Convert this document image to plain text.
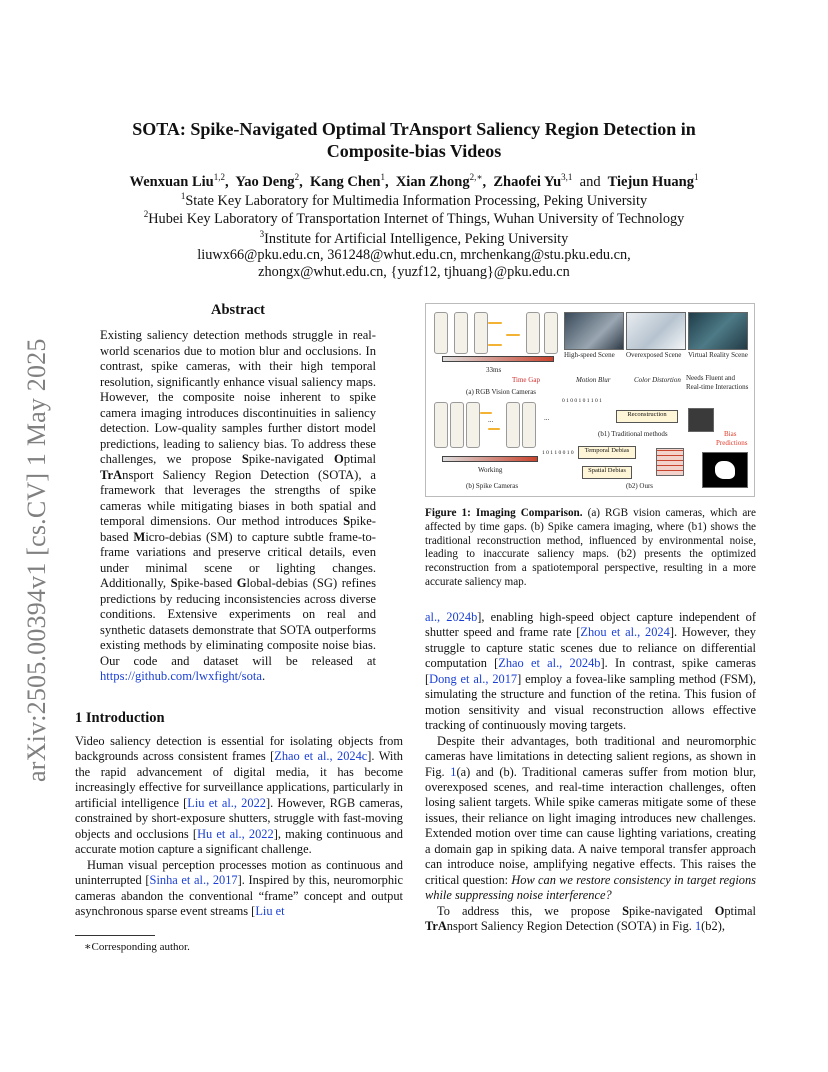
arXiv:2505.00394v1 [cs.CV] 1 May 2025
SOTA: Spike-Navigated Optimal TrAnsport Saliency Region Detection in
Composite-bias Videos
Wenxuan Liu$^{1,2}$,  Yao Deng$^2$,  Kang Chen$^1$,  Xian Zhong$^{2,∗}$,  Zhaofei Yu$^{3,1}$ and Tiejun Huang$^1$
$^1$State Key Laboratory for Multimedia Information Processing, Peking University
$^2$Hubei Key Laboratory of Transportation Internet of Things, Wuhan University of Technology
$^3$Institute for Artificial Intelligence, Peking University
liuwx66@pku.edu.cn, 361248@whut.edu.cn, mrchenkang@stu.pku.edu.cn,
zhongx@whut.edu.cn, {yuzf12, tjhuang}@pku.edu.cn
Abstract
Existing saliency detection methods struggle in real-world scenarios due to motion blur and occlusions. In contrast, spike cameras, with their high temporal resolution, significantly enhance visual saliency maps. However, the composite noise inherent to spike camera imaging introduces discontinuities in saliency detection. Low-quality samples further distort model predictions, leading to saliency bias. To address these challenges, we propose Spike-navigated Optimal TrAnsport Saliency Region Detection (SOTA), a framework that leverages the strengths of spike cameras while mitigating biases in both spatial and temporal dimensions. Our method introduces Spike-based Micro-debias (SM) to capture subtle frame-to-frame variations and preserve critical details, even under minimal scene or lighting changes. Additionally, Spike-based Global-debias (SG) refines predictions by reducing inconsistencies across diverse conditions. Extensive experiments on real and synthetic datasets demonstrate that SOTA outperforms existing methods by eliminating composite noise bias. Our code and dataset will be released at https://github.com/lwxfight/sota.
1 Introduction

Video saliency detection is essential for isolating objects from backgrounds across consistent frames [Zhao et al., 2024c]. With the rapid advancement of digital media, it has become increasingly effective for surveillance applications, particularly in artificial intelligence [Liu et al., 2022]. However, RGB cameras, constrained by short-exposure shutters, struggle with fast-moving objects and occlusions [Hu et al., 2022], making continuous and accurate motion capture a significant challenge.

Human visual perception processes motion as continuous and uninterrupted [Sinha et al., 2017]. Inspired by this, neuromorphic cameras abandon the conventional “frame” concept and output asynchronous sparse event streams [Liu et

∗Corresponding author.
33ms
Time Gap
(a) RGB Vision Cameras
High-speed Scene Overexposed Scene Virtual Reality Scene
Motion Blur	Color Distortion Needs Fluent and
Real-time Interactions
...
Working
(b) Spike Cameras
...
0 1 0 0 1 0 1 1 0 1
Reconstruction
(b1) Traditional methods
1 0 1 1 0 0 1 0	Temporal Debias
Spatial Debias
(b2) Ours
Bias
Predictions
Figure 1: Imaging Comparison. (a) RGB vision cameras, which are affected by time gaps. (b) Spike camera imaging, where (b1) shows the traditional reconstruction method, influenced by environmental noise, leading to inaccurate saliency maps. (b2) presents the optimized reconstruction from a spatiotemporal perspective, resulting in a more accurate saliency map.

al., 2024b], enabling high-speed object capture independent of shutter speed and frame rate [Zhou et al., 2024]. However, they struggle to capture static scenes due to reliance on differential computation [Zhao et al., 2024b]. In contrast, spike cameras [Dong et al., 2017] employ a fovea-like sampling method (FSM), simulating the structure and function of the retina. This fusion of motion sensitivity and visual reconstruction allows effective tracking of continuously moving targets.

Despite their advantages, both traditional and neuromorphic cameras have limitations in detecting salient regions, as shown in Fig. 1(a) and (b). Traditional cameras suffer from motion blur, overexposed scenes, and real-time interaction challenges, often losing salient targets. While spike cameras mitigate some of these issues, their reliance on light imaging introduces new challenges. Extended motion over time can cause lighting variations, creating a domain gap in spiking data. A naive temporal transfer approach can introduce noise, amplifying negative effects. This raises the critical question: How can we restore consistency in target regions while suppressing noise interference?

To address this, we propose Spike-navigated Optimal TrAnsport Saliency Region Detection (SOTA) in Fig. 1(b2),
